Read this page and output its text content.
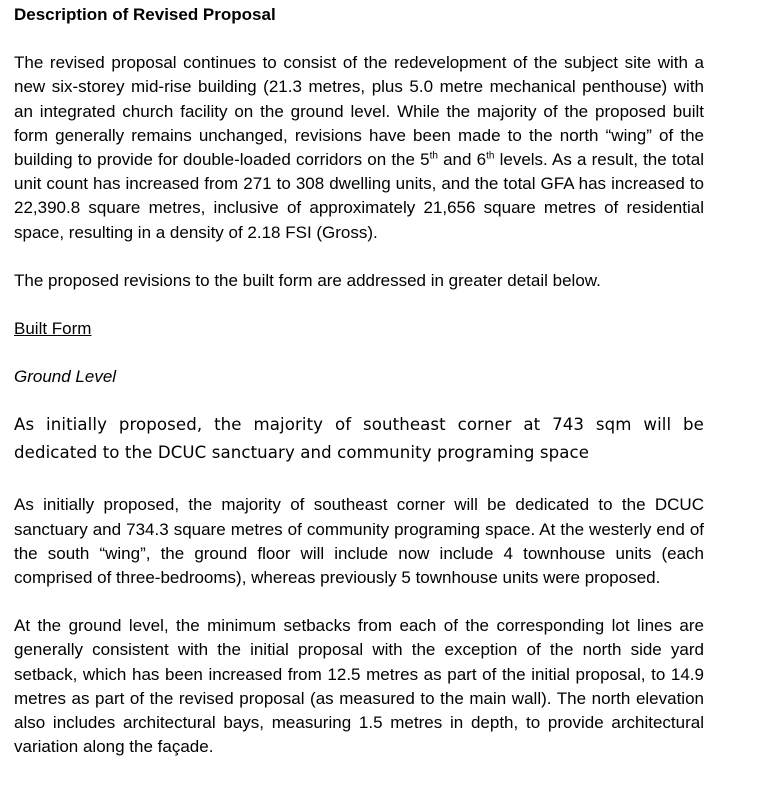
Description of Revised Proposal

The revised proposal continues to consist of the redevelopment of the subject site with a new six-storey mid-rise building (21.3 metres, plus 5.0 metre mechanical penthouse) with an integrated church facility on the ground level. While the majority of the proposed built form generally remains unchanged, revisions have been made to the north “wing” of the building to provide for double-loaded corridors on the 5th and 6th levels. As a result, the total unit count has increased from 271 to 308 dwelling units, and the total GFA has increased to 22,390.8 square metres, inclusive of approximately 21,656 square metres of residential space, resulting in a density of 2.18 FSI (Gross).

The proposed revisions to the built form are addressed in greater detail below.

Built Form
Ground Level

As initially proposed, the majority of southeast corner at 743 sqm will be dedicated to the DCUC sanctuary and community programing space

As initially proposed, the majority of southeast corner will be dedicated to the DCUC sanctuary and 734.3 square metres of community programing space. At the westerly end of the south “wing”, the ground floor will include now include 4 townhouse units (each comprised of three-bedrooms), whereas previously 5 townhouse units were proposed.

At the ground level, the minimum setbacks from each of the corresponding lot lines are generally consistent with the initial proposal with the exception of the north side yard setback, which has been increased from 12.5 metres as part of the initial proposal, to 14.9 metres as part of the revised proposal (as measured to the main wall). The north elevation also includes architectural bays, measuring 1.5 metres in depth, to provide architectural variation along the façade.
